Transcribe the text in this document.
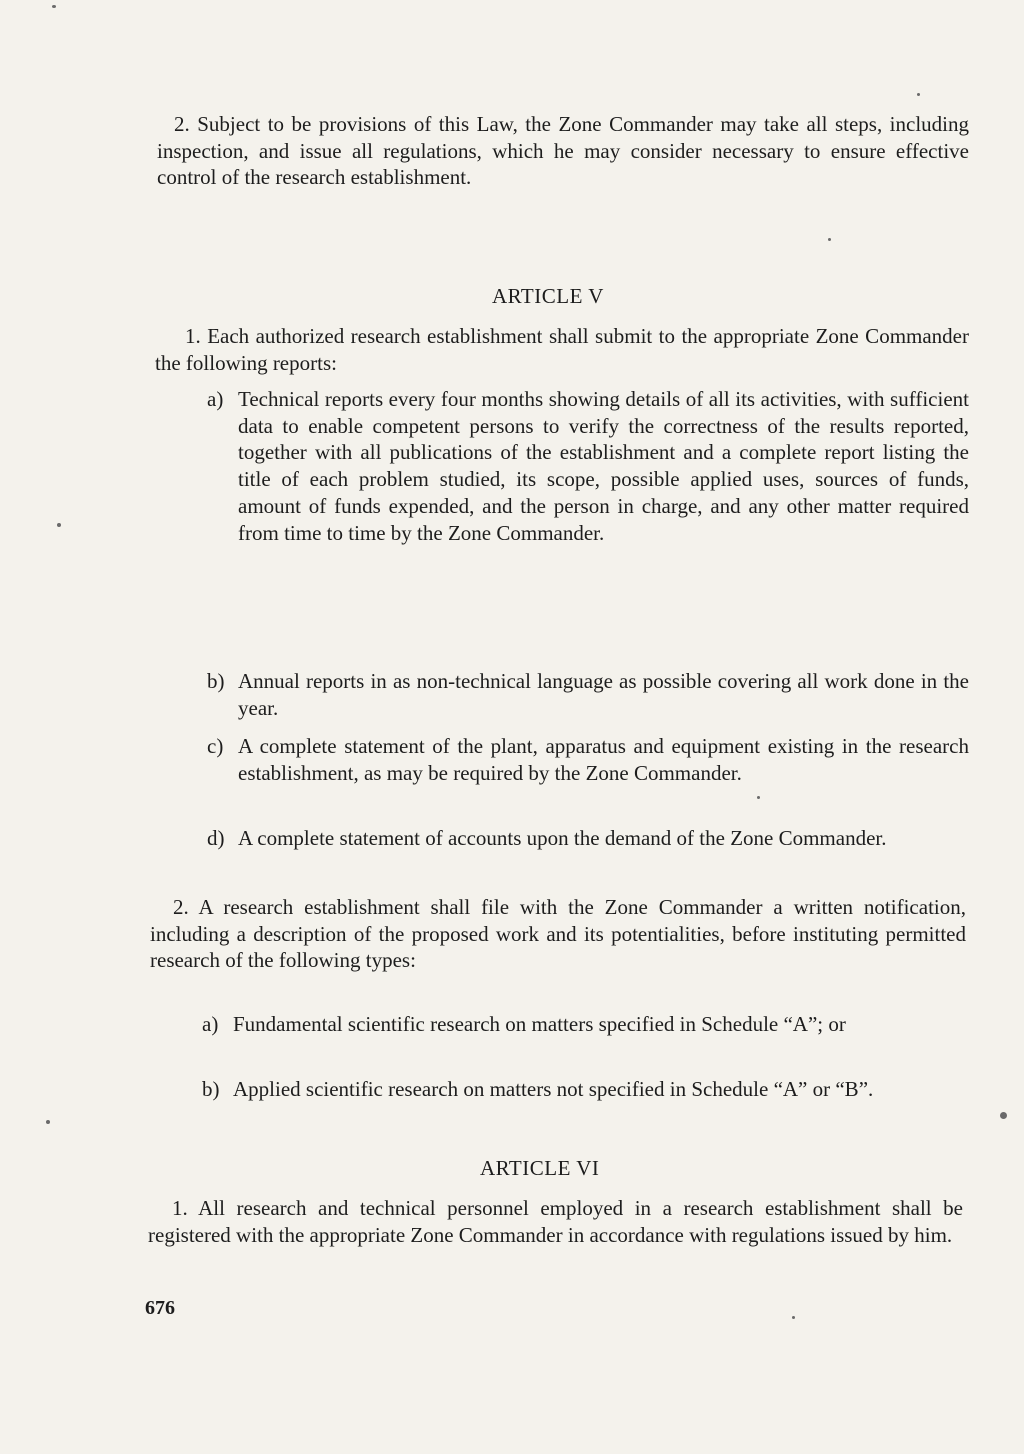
2. Subject to be provisions of this Law, the Zone Commander may take all steps, including inspection, and issue all regulations, which he may consider necessary to ensure effective control of the research establishment.
ARTICLE V
1. Each authorized research establishment shall submit to the appropriate Zone Commander the following reports:
a) Technical reports every four months showing details of all its activities, with sufficient data to enable competent persons to verify the correctness of the results reported, together with all publications of the establishment and a complete report listing the title of each problem studied, its scope, possible applied uses, sources of funds, amount of funds expended, and the person in charge, and any other matter required from time to time by the Zone Commander.
b) Annual reports in as non-technical language as possible covering all work done in the year.
c) A complete statement of the plant, apparatus and equipment existing in the research establishment, as may be required by the Zone Commander.
d) A complete statement of accounts upon the demand of the Zone Commander.
2. A research establishment shall file with the Zone Commander a written notification, including a description of the proposed work and its potentialities, before instituting permitted research of the following types:
a) Fundamental scientific research on matters specified in Schedule “A”; or
b) Applied scientific research on matters not specified in Schedule “A” or “B”.
ARTICLE VI
1. All research and technical personnel employed in a research establishment shall be registered with the appropriate Zone Commander in accordance with regulations issued by him.
676
